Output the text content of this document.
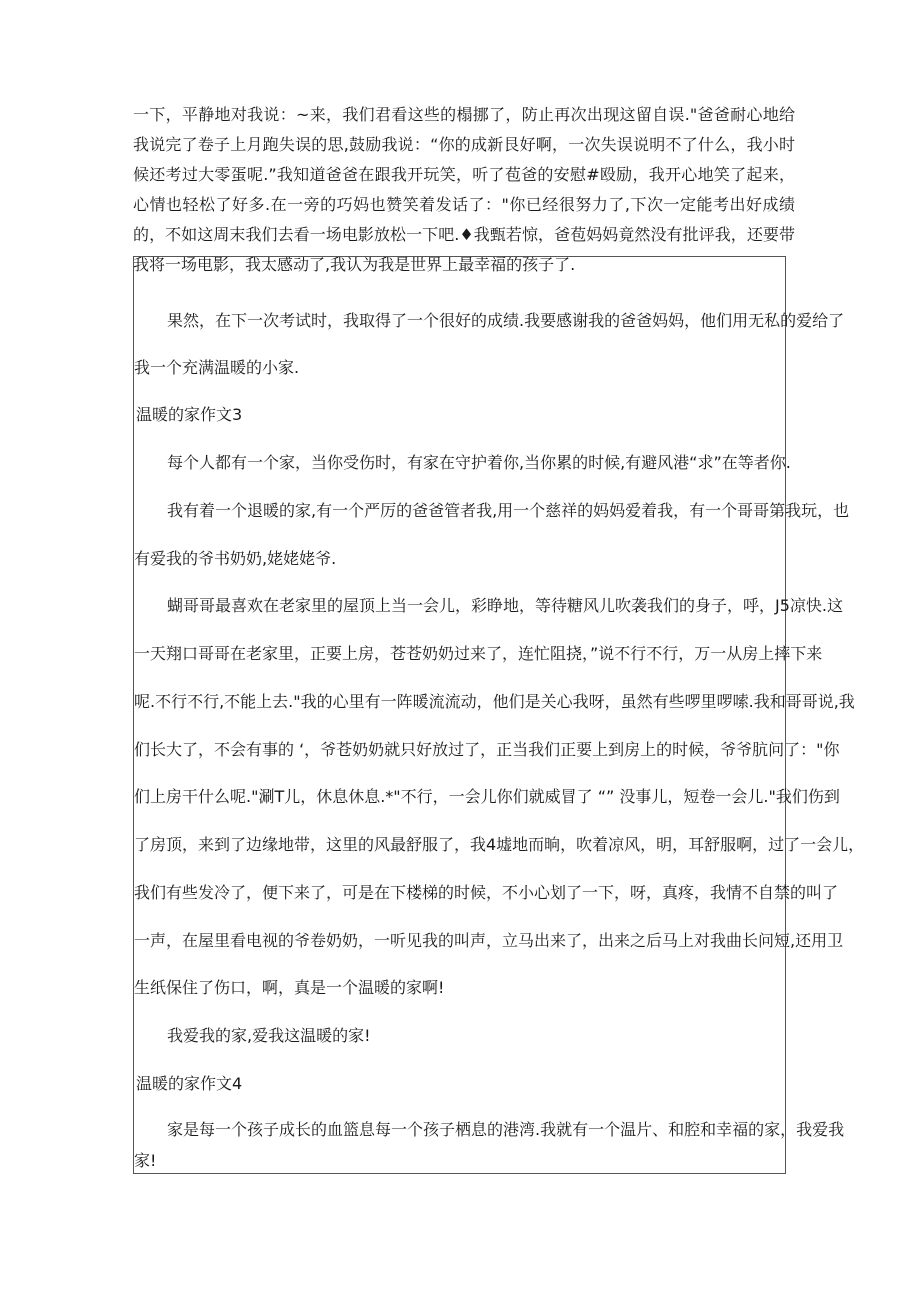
一下，平静地对我说：~来，我们君看这些的榻挪了，防止再次出现这留自误."爸爸耐心地给我说完了卷子上月跑失误的思,鼓励我说：“你的成新艮好啊，一次失误说明不了什么，我小时候还考过大零蛋呢.”我知道爸爸在跟我开玩笑，听了苞爸的安慰#殴励，我开心地笑了起来，心情也轻松了好多.在一旁的巧妈也赞笑着发话了："你已经很努力了,下次一定能考出好成绩的，不如这周末我们去看一场电影放松一下吧.♦我甄若惊，爸苞妈妈竟然没有批评我，还要带我将一场电影，我太感动了,我认为我是世界上最幸福的孩子了.

果然，在下一次考试时，我取得了一个很好的成绩.我要感谢我的爸爸妈妈，他们用无私的爱给了

我一个充满温暖的小家.

温暖的家作文3

每个人都有一个家，当你受伤时，有家在守护着你,当你累的时候,有避风港“求”在等者你.

我有着一个退暖的家,有一个严厉的爸爸管者我,用一个慈祥的妈妈爱着我，有一个哥哥第我玩，也

有爱我的爷书奶奶,姥姥姥爷.

蝴哥哥最喜欢在老家里的屋顶上当一会儿，彩睁地，等待糖风儿吹袭我们的身子，呼，J5凉快.这

一天翔口哥哥在老家里，正要上房，苍苍奶奶过来了，连忙阻挠，”说不行不行，万一从房上摔下来

呢.不行不行,不能上去."我的心里有一阵暖流流动，他们是关心我呀，虽然有些啰里啰嗦.我和哥哥说,我

们长大了，不会有事的 ‘，爷苍奶奶就只好放过了，正当我们正要上到房上的时候，爷爷肮问了："你

们上房干什么呢."涮T儿，休息休息.*"不行，一会儿你们就威冒了 “” 没事儿，短卷一会儿."我们伤到

了房顶，来到了边缘地带，这里的风最舒服了，我4墟地而晌，吹着凉风，明，耳舒服啊，过了一会儿，

我们有些发冷了，便下来了，可是在下楼梯的时候，不小心划了一下，呀，真疼，我情不自禁的叫了

一声，在屋里看电视的爷卷奶奶，一听见我的叫声，立马出来了，出来之后马上对我曲长问短,还用卫

生纸保住了伤口，啊，真是一个温暖的家啊!

我爱我的家,爱我这温暖的家!

温暖的家作文4

家是每一个孩子成长的血篮息每一个孩子栖息的港湾.我就有一个温片、和腔和幸福的家，我爱我

家!
